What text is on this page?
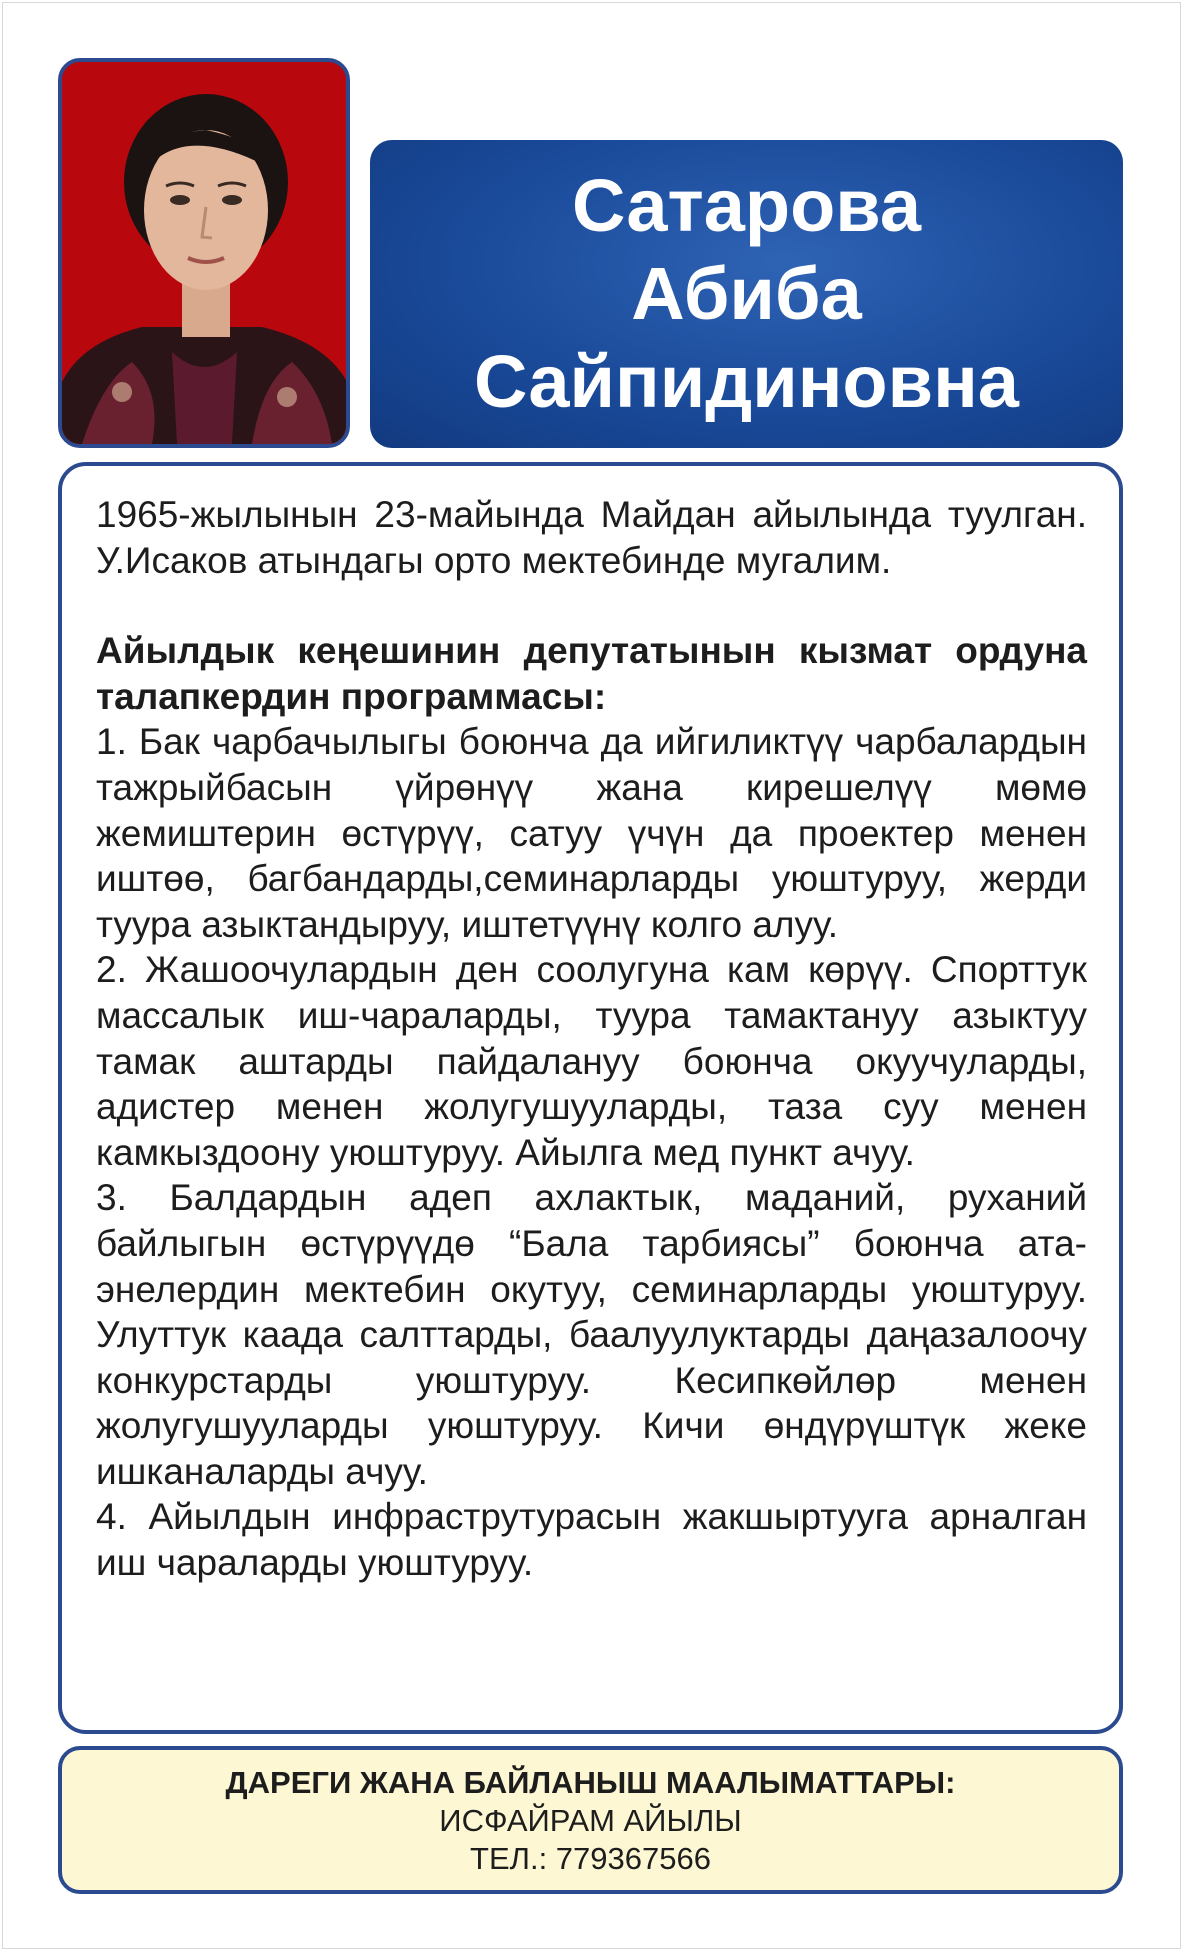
Сатарова
Абиба
Сайпидиновна

1965-жылынын 23-майында Майдан айылында туулган. У.Исаков атындагы орто мектебинде мугалим.

Айылдык кеңешинин депутатынын кызмат ордуна талапкердин программасы:

1. Бак чарбачылыгы боюнча да ийгиликтүү чарбалардын тажрыйбасын үйрөнүү жана кирешелүү мөмө жемиштерин өстүрүү, сатуу үчүн да проектер менен иштөө, багбандарды,семинарларды уюштуруу, жерди туура азыктандыруу, иштетүүнү колго алуу.

2. Жашоочулардын ден соолугуна кам көрүү. Спорттук массалык иш-чараларды, туура тамактануу азыктуу тамак аштарды пайдалануу боюнча окуучуларды, адистер менен жолугушууларды, таза суу менен камкыздоону уюштуруу. Айылга мед пункт ачуу.

3. Балдардын адеп ахлактык, маданий, руханий байлыгын өстүрүүдө “Бала тарбиясы” боюнча ата-энелердин мектебин окутуу, семинарларды уюштуруу. Улуттук каада салттарды, баалуулуктарды даңазалоочу конкурстарды уюштуруу. Кесипкөйлөр менен жолугушууларды уюштуруу. Кичи өндүрүштүк жеке ишканаларды ачуу.

4. Айылдын инфраструтурасын жакшыртууга арналган иш чараларды уюштуруу.

ДАРЕГИ ЖАНА БАЙЛАНЫШ МААЛЫМАТТАРЫ:
ИСФАЙРАМ АЙЫЛЫ
ТЕЛ.: 779367566
